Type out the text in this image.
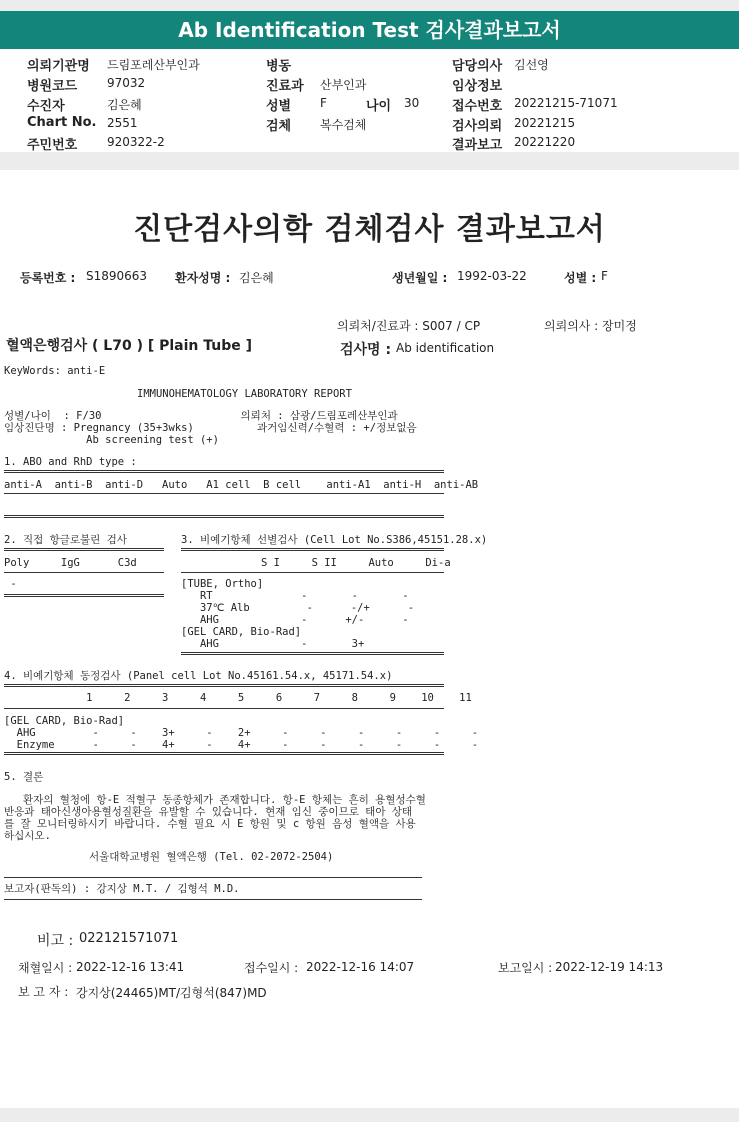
Ab Identification Test 검사결과보고서
의뢰기관명 드림포레산부인과	병동	담당의사 김선영
병원코드 97032	진료과 산부인과	임상정보
수진자	김은혜	성별 F	나이 30	접수번호 20221215-71071
Chart No. 2551	검체 복수검체	검사의뢰 20221215
주민번호 920322-2	결과보고 20221220
진단검사의학 검체검사 결과보고서
등록번호 : S1890663 환자성명 : 김은혜	생년월일 : 1992-03-22	성별 : F
의뢰처/진료과 : S007 / CP	의뢰의사 : 장미정
혈액은행검사 ( L70 ) [ Plain Tube ]	검사명 : Ab identification
KeyWords: anti-E
IMMUNOHEMATOLOGY LABORATORY REPORT
성별/나이  : F/30                      의뢰처 : 삼광/드림포레산부인과
임상진단명 : Pregnancy (35+3wks)          과거임신력/수혈력 : +/정보없음
Ab screening test (+)
1. ABO and RhD type :
anti-A  anti-B  anti-D   Auto   A1 cell  B cell    anti-A1  anti-H  anti-AB
2. 직접 항글로불린 검사
Poly     IgG      C3d
-
3. 비예기항체 선별검사 (Cell Lot No.S386,45151.28.x)
S I     S II     Auto     Di-a
[TUBE, Ortho]
RT              -       -       -
37℃ Alb         -      -/+      -
AHG             -      +/-      -
[GEL CARD, Bio-Rad]
AHG             -       3+
4. 비예기항체 동정검사 (Panel cell Lot No.45161.54.x, 45171.54.x)
1     2     3     4     5     6     7     8     9    10    11
[GEL CARD, Bio-Rad]
AHG         -     -    3+     -    2+     -     -     -     -     -     -
Enzyme      -     -    4+     -    4+     -     -     -     -     -     -
5. 결론
환자의 혈청에 항-E 적혈구 동종항체가 존재합니다. 항-E 항체는 흔히 용혈성수혈
반응과 태아신생아용혈성질환을 유발할 수 있습니다. 현재 임신 중이므로 태아 상태
를 잘 모니터링하시기 바랍니다. 수혈 필요 시 E 항원 및 c 항원 음성 혈액을 사용
하십시오.
서울대학교병원 혈액은행 (Tel. 02-2072-2504)
보고자(판독의) : 강지상 M.T. / 김형석 M.D.
비고 : 022121571071
채혈일시 : 2022-12-16 13:41	접수일시 : 2022-12-16 14:07	보고일시 : 2022-12-19 14:13
보 고 자 : 강지상(24465)MT/김형석(847)MD
